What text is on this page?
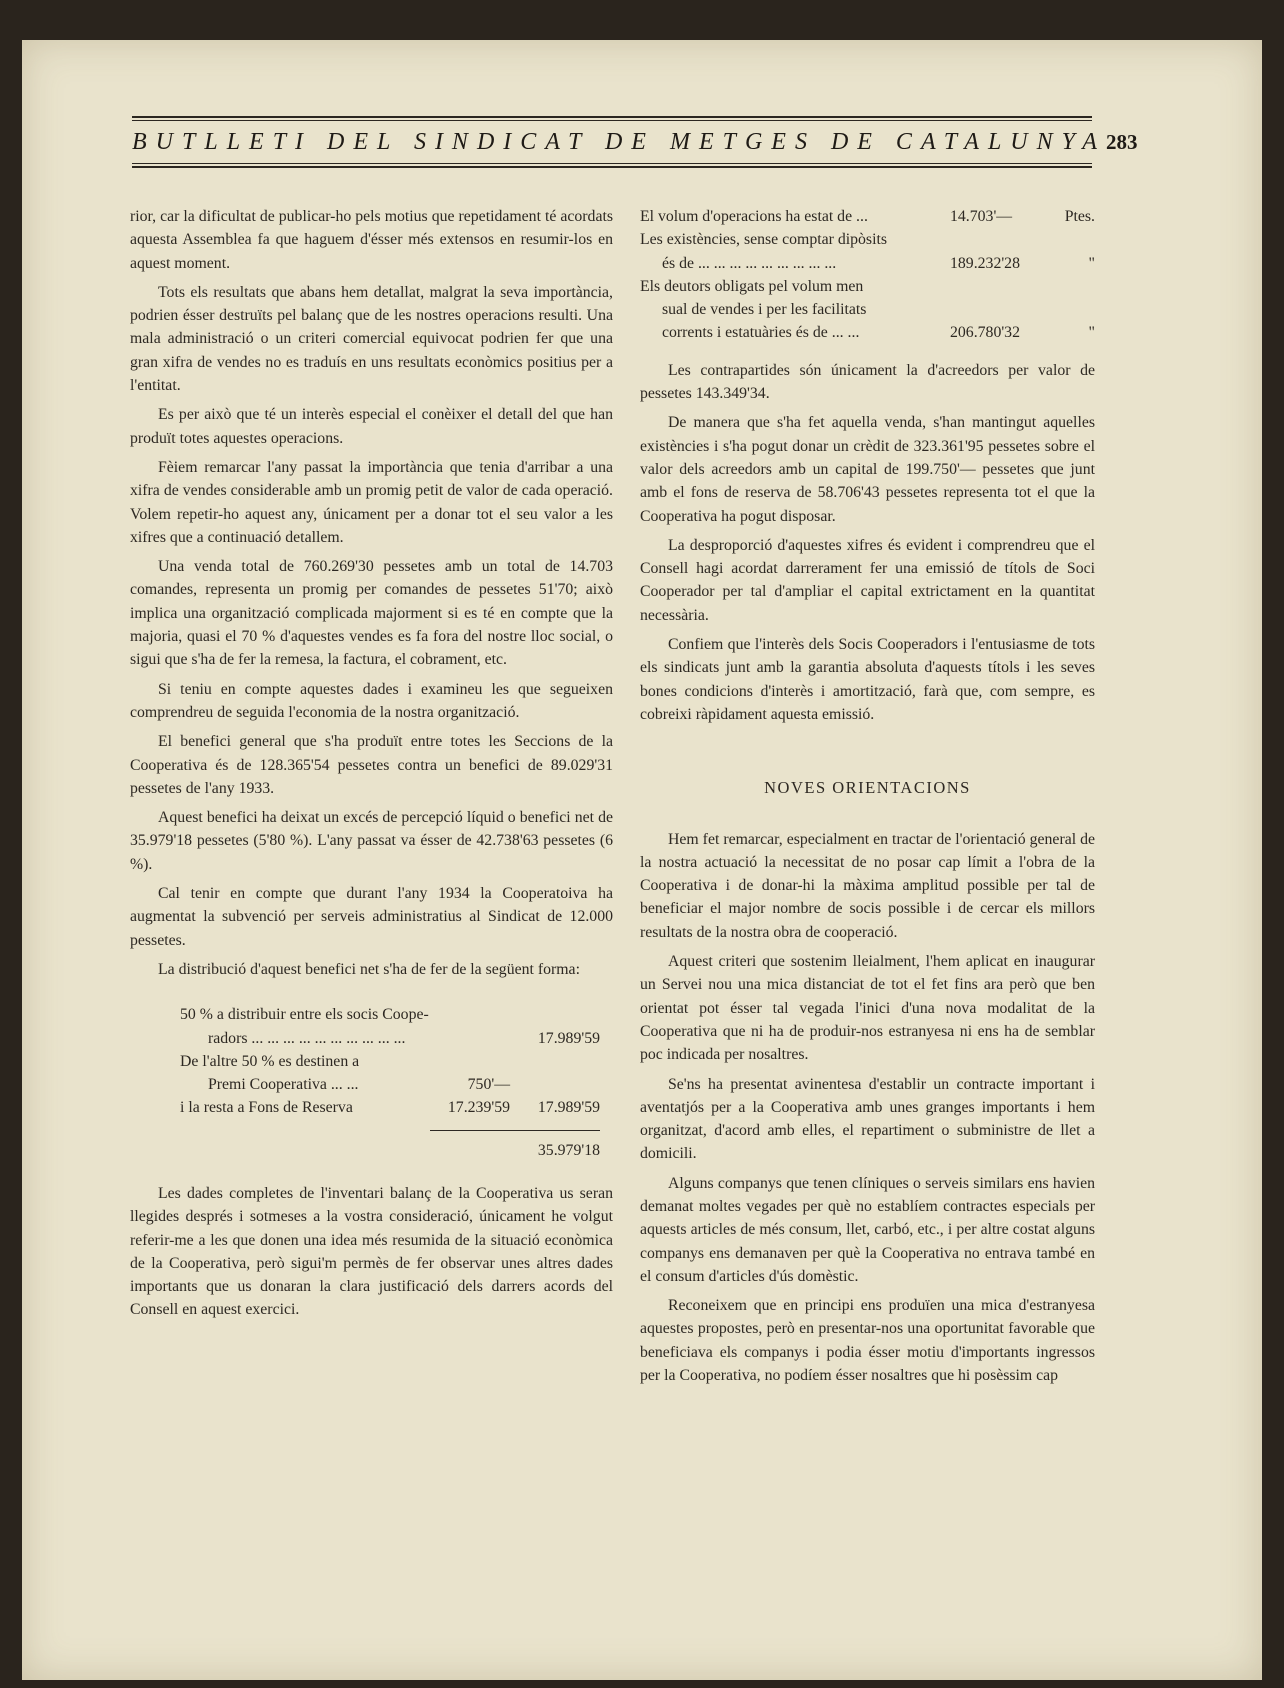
BUTLLETI DEL SINDICAT DE METGES DE CATALUNYA 283

rior, car la dificultat de publicar-ho pels motius que repetidament té acordats aquesta Assemblea fa que haguem d'ésser més extensos en resumir-los en aquest moment.

Tots els resultats que abans hem detallat, malgrat la seva importància, podrien ésser destruïts pel balanç que de les nostres operacions resulti. Una mala administració o un criteri comercial equivocat podrien fer que una gran xifra de vendes no es traduís en uns resultats econòmics positius per a l'entitat.

Es per això que té un interès especial el conèixer el detall del que han produït totes aquestes operacions.

Fèiem remarcar l'any passat la importància que tenia d'arribar a una xifra de vendes considerable amb un promig petit de valor de cada operació. Volem repetir-ho aquest any, únicament per a donar tot el seu valor a les xifres que a continuació detallem.

Una venda total de 760.269'30 pessetes amb un total de 14.703 comandes, representa un promig per comandes de pessetes 51'70; això implica una organització complicada majorment si es té en compte que la majoria, quasi el 70 % d'aquestes vendes es fa fora del nostre lloc social, o sigui que s'ha de fer la remesa, la factura, el cobrament, etc.

Si teniu en compte aquestes dades i examineu les que segueixen comprendreu de seguida l'economia de la nostra organització.

El benefici general que s'ha produït entre totes les Seccions de la Cooperativa és de 128.365'54 pessetes contra un benefici de 89.029'31 pessetes de l'any 1933.

Aquest benefici ha deixat un excés de percepció líquid o benefici net de 35.979'18 pessetes (5'80 %). L'any passat va ésser de 42.738'63 pessetes (6 %).

Cal tenir en compte que durant l'any 1934 la Cooperatoiva ha augmentat la subvenció per serveis administratius al Sindicat de 12.000 pessetes.

La distribució d'aquest benefici net s'ha de fer de la següent forma:

50 % a distribuir entre els socis Coope-
radors ... ... ... ... ... ... ... ... ... ...	17.989'59
De l'altre 50 % es destinen a
Premi Cooperativa ... ...	750'—
i la resta a Fons de Reserva	17.239'59	17.989'59
35.979'18

Les dades completes de l'inventari balanç de la Cooperativa us seran llegides després i sotmeses a la vostra consideració, únicament he volgut referir-me a les que donen una idea més resumida de la situació econòmica de la Cooperativa, però sigui'm permès de fer observar unes altres dades importants que us donaran la clara justificació dels darrers acords del Consell en aquest exercici.

El volum d'operacions ha estat de ...	14.703'—	Ptes.
Les existències, sense comptar dipòsits
és de ... ... ... ... ... ... ... ... ...	189.232'28	"
Els deutors obligats pel volum men
sual de vendes i per les facilitats
corrents i estatuàries és de ... ...	206.780'32	"

Les contrapartides són únicament la d'acreedors per valor de pessetes 143.349'34.

De manera que s'ha fet aquella venda, s'han mantingut aquelles existències i s'ha pogut donar un crèdit de 323.361'95 pessetes sobre el valor dels acreedors amb un capital de 199.750'— pessetes que junt amb el fons de reserva de 58.706'43 pessetes representa tot el que la Cooperativa ha pogut disposar.

La desproporció d'aquestes xifres és evident i comprendreu que el Consell hagi acordat darrerament fer una emissió de títols de Soci Cooperador per tal d'ampliar el capital extrictament en la quantitat necessària.

Confiem que l'interès dels Socis Cooperadors i l'entusiasme de tots els sindicats junt amb la garantia absoluta d'aquests títols i les seves bones condicions d'interès i amortització, farà que, com sempre, es cobreixi ràpidament aquesta emissió.

NOVES ORIENTACIONS

Hem fet remarcar, especialment en tractar de l'orientació general de la nostra actuació la necessitat de no posar cap límit a l'obra de la Cooperativa i de donar-hi la màxima amplitud possible per tal de beneficiar el major nombre de socis possible i de cercar els millors resultats de la nostra obra de cooperació.

Aquest criteri que sostenim lleialment, l'hem aplicat en inaugurar un Servei nou una mica distanciat de tot el fet fins ara però que ben orientat pot ésser tal vegada l'inici d'una nova modalitat de la Cooperativa que ni ha de produir-nos estranyesa ni ens ha de semblar poc indicada per nosaltres.

Se'ns ha presentat avinentesa d'establir un contracte important i aventatjós per a la Cooperativa amb unes granges importants i hem organitzat, d'acord amb elles, el repartiment o subministre de llet a domicili.

Alguns companys que tenen clíniques o serveis similars ens havien demanat moltes vegades per què no establíem contractes especials per aquests articles de més consum, llet, carbó, etc., i per altre costat alguns companys ens demanaven per què la Cooperativa no entrava també en el consum d'articles d'ús domèstic.

Reconeixem que en principi ens produïen una mica d'estranyesa aquestes propostes, però en presentar-nos una oportunitat favorable que beneficiava els companys i podia ésser motiu d'importants ingressos per la Cooperativa, no podíem ésser nosaltres que hi posèssim cap
